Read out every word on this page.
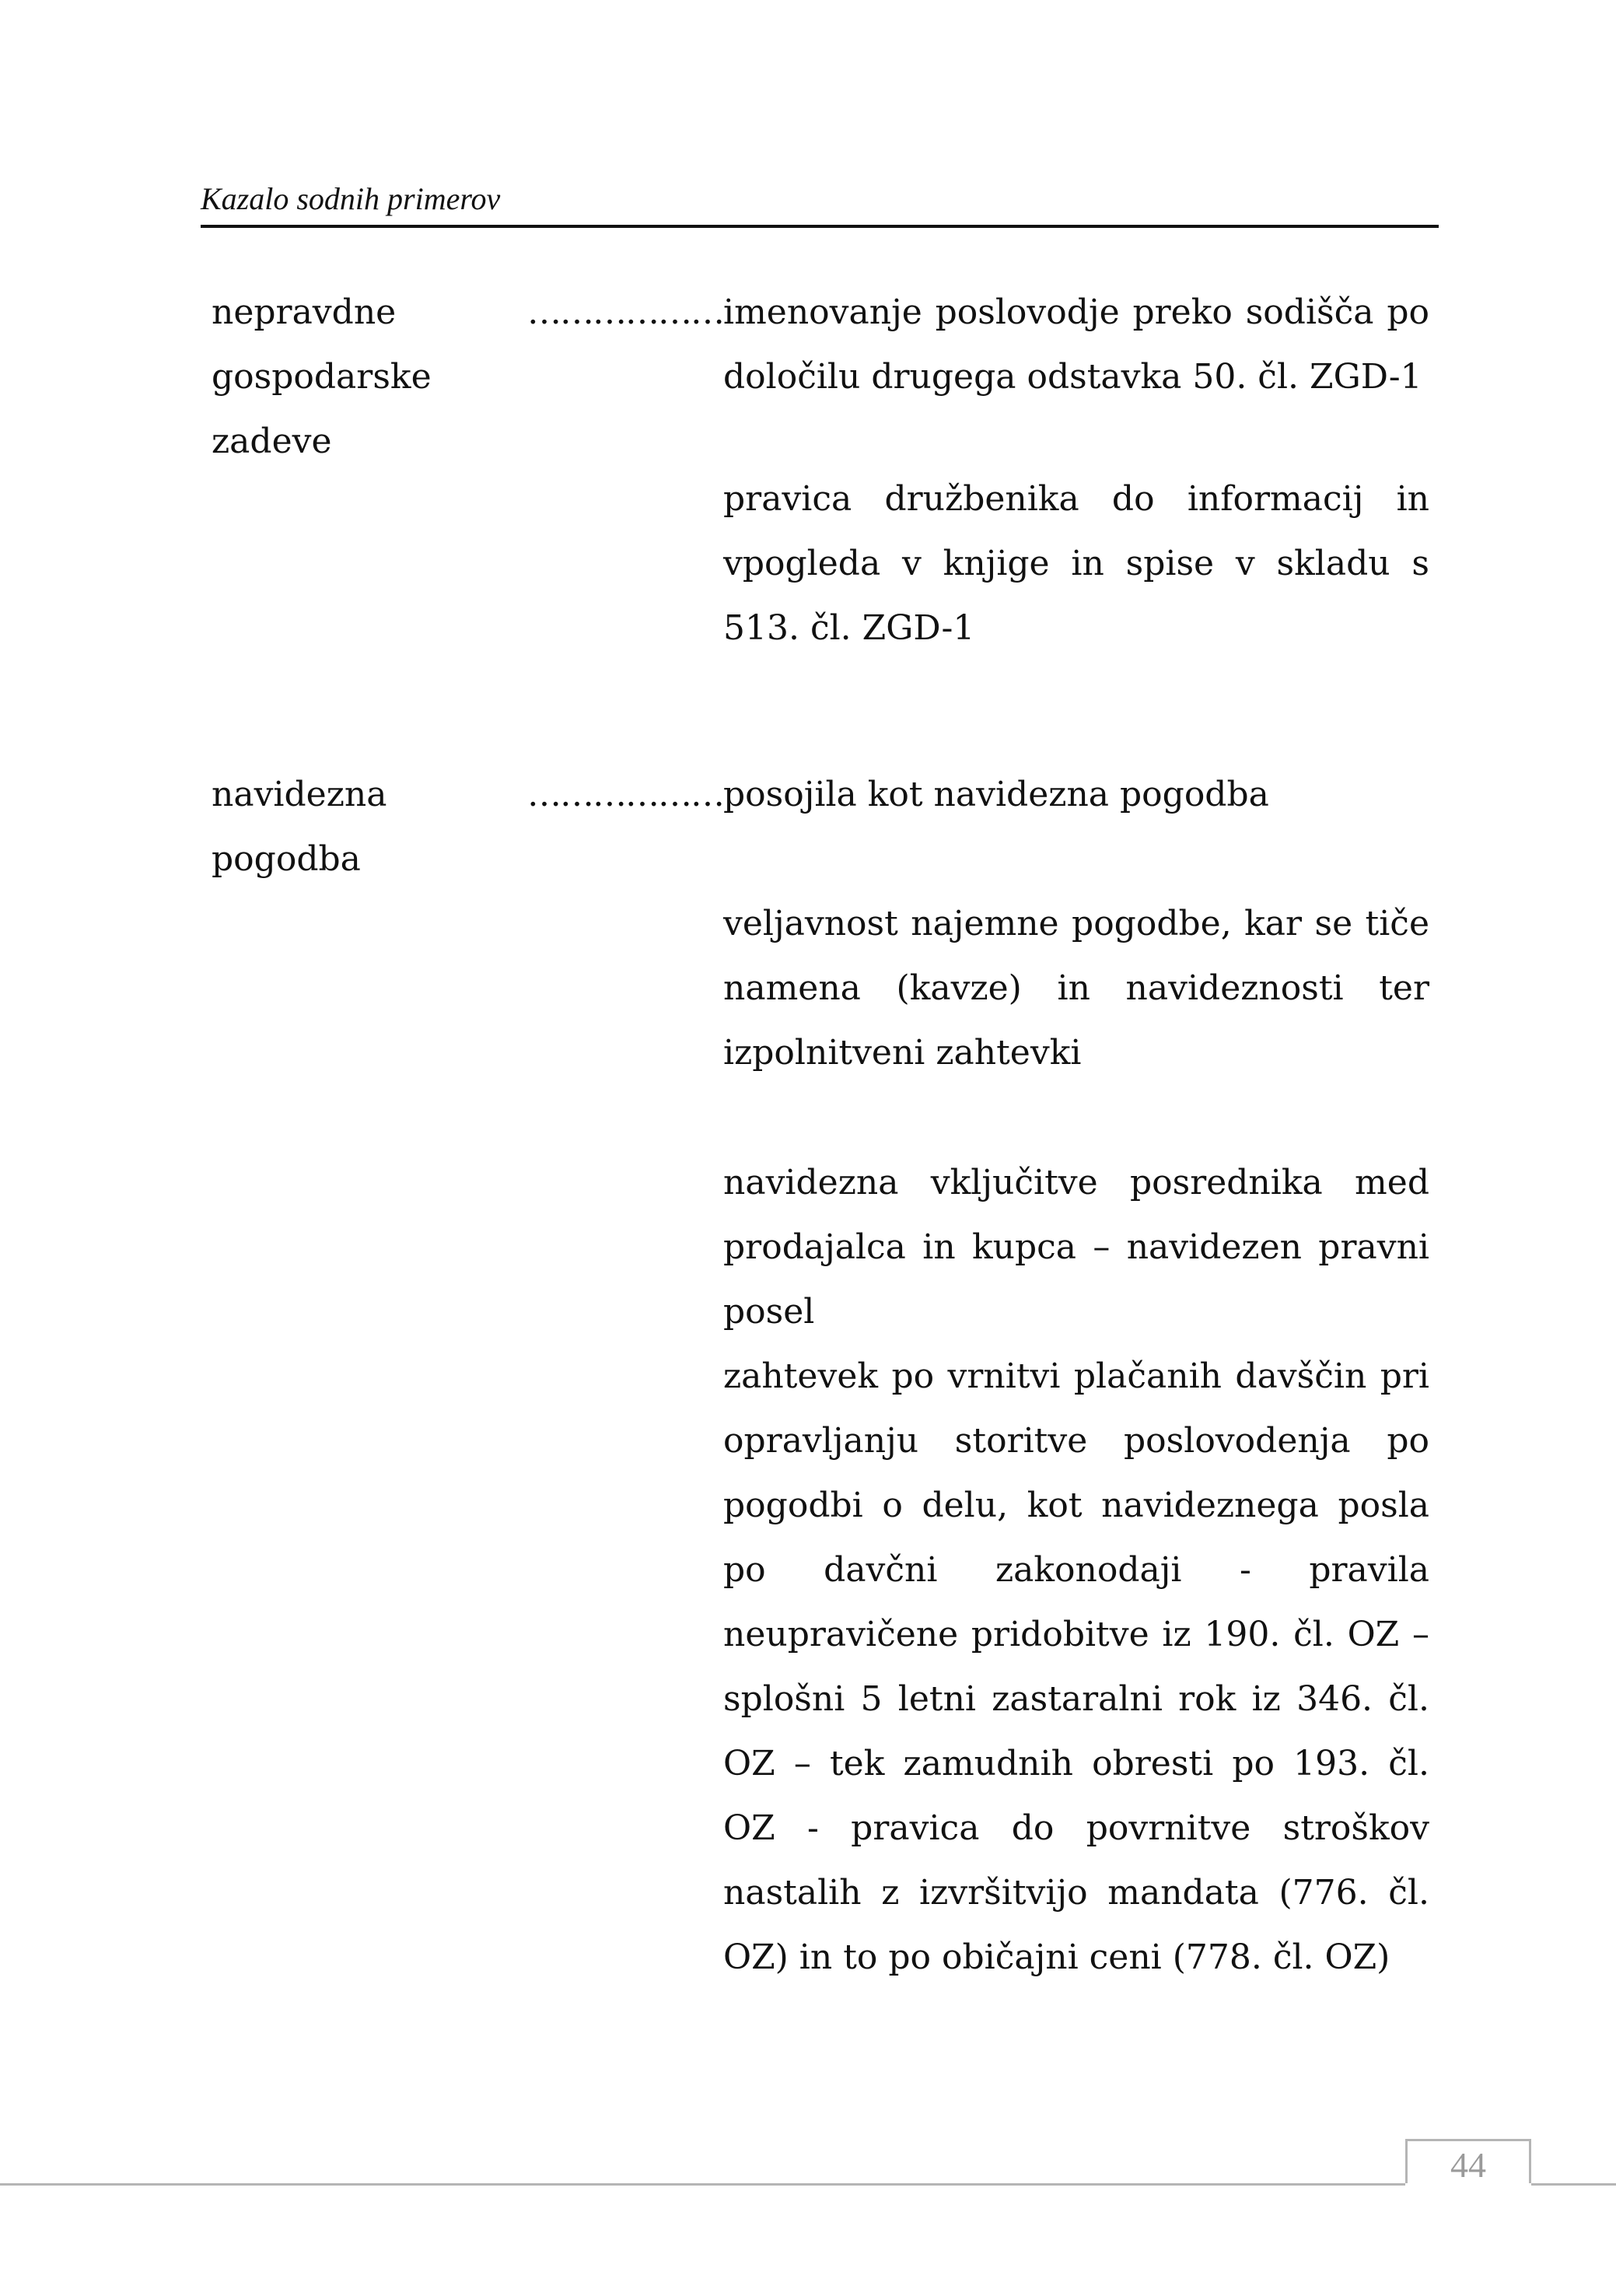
Kazalo sodnih primerov
nepravdne
gospodarske
zadeve
……………… imenovanje poslovodje preko sodišča po določilu drugega odstavka 50. čl. ZGD-1
pravica družbenika do informacij in vpogleda v knjige in spise v skladu s 513. čl. ZGD-1
navidezna
pogodba
……………… posojila kot navidezna pogodba
veljavnost najemne pogodbe, kar se tiče namena (kavze) in navideznosti ter izpolnitveni zahtevki
navidezna vključitve posrednika med prodajalca in kupca – navidezen pravni posel
zahtevek po vrnitvi plačanih davščin pri opravljanju storitve poslovodenja po pogodbi o delu, kot navideznega posla po davčni zakonodaji - pravila neupravičene pridobitve iz 190. čl. OZ – splošni 5 letni zastaralni rok iz 346. čl. OZ – tek zamudnih obresti po 193. čl. OZ - pravica do povrnitve stroškov nastalih z izvršitvijo mandata (776. čl. OZ) in to po običajni ceni (778. čl. OZ)
44
